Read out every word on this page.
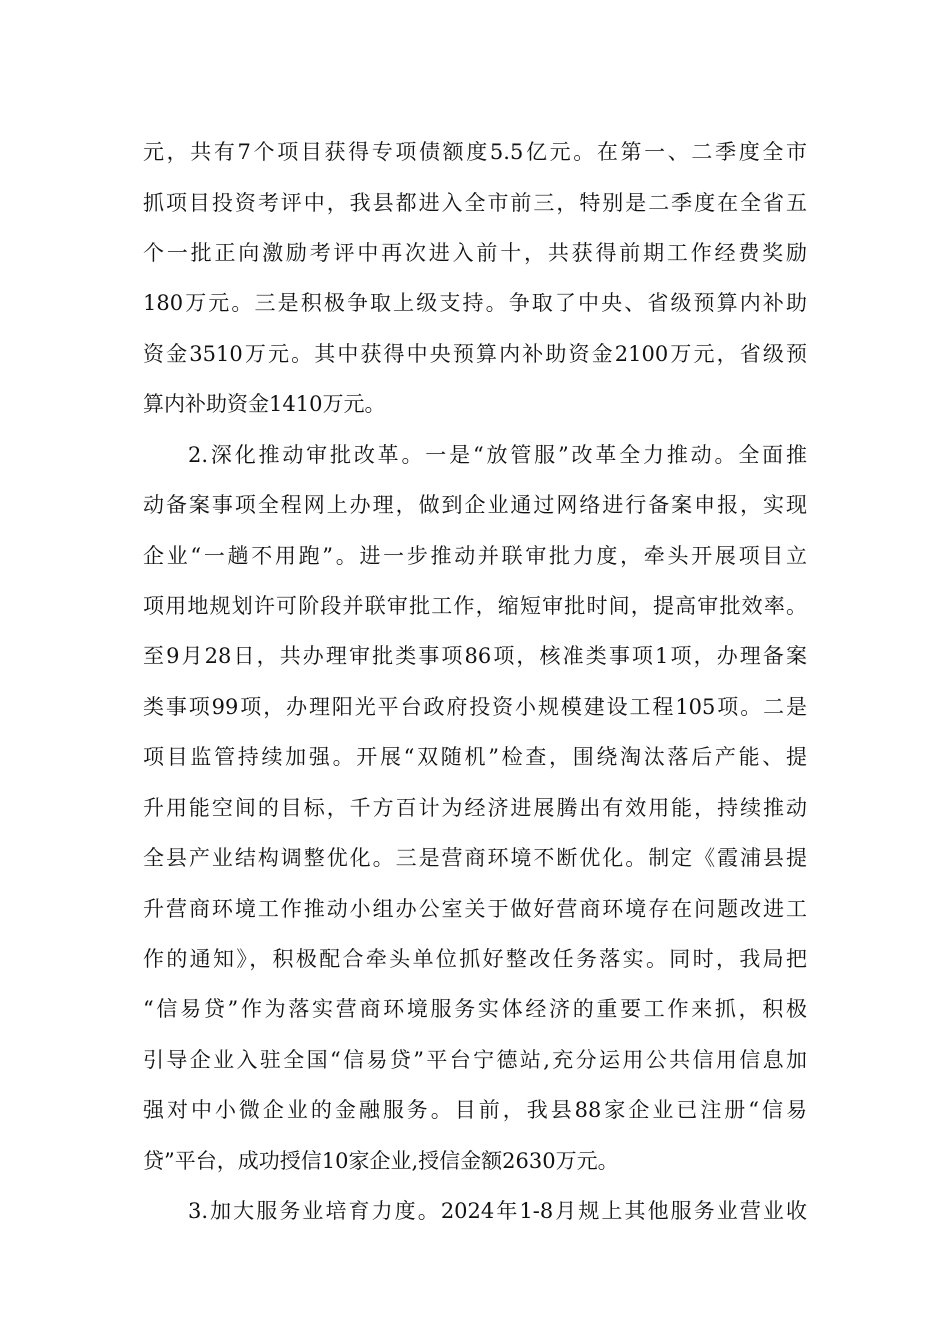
元，共有7个项目获得专项债额度5.5亿元。在第一、二季度全市
抓项目投资考评中，我县都进入全市前三，特别是二季度在全省五
个一批正向激励考评中再次进入前十，共获得前期工作经费奖励
180万元。三是积极争取上级支持。争取了中央、省级预算内补助
资金3510万元。其中获得中央预算内补助资金2100万元，省级预
算内补助资金1410万元。
2.深化推动审批改革。一是“放管服”改革全力推动。全面推
动备案事项全程网上办理，做到企业通过网络进行备案申报，实现
企业“一趟不用跑”。进一步推动并联审批力度，牵头开展项目立
项用地规划许可阶段并联审批工作，缩短审批时间，提高审批效率。
至9月28日，共办理审批类事项86项，核准类事项1项，办理备案
类事项99项，办理阳光平台政府投资小规模建设工程105项。二是
项目监管持续加强。开展“双随机”检查，围绕淘汰落后产能、提
升用能空间的目标，千方百计为经济进展腾出有效用能，持续推动
全县产业结构调整优化。三是营商环境不断优化。制定《霞浦县提
升营商环境工作推动小组办公室关于做好营商环境存在问题改进工
作的通知》，积极配合牵头单位抓好整改任务落实。同时，我局把
“信易贷”作为落实营商环境服务实体经济的重要工作来抓，积极
引导企业入驻全国“信易贷”平台宁德站,充分运用公共信用信息加
强对中小微企业的金融服务。目前，我县88家企业已注册“信易
贷”平台，成功授信10家企业,授信金额2630万元。
3.加大服务业培育力度。2024年1-8月规上其他服务业营业收
